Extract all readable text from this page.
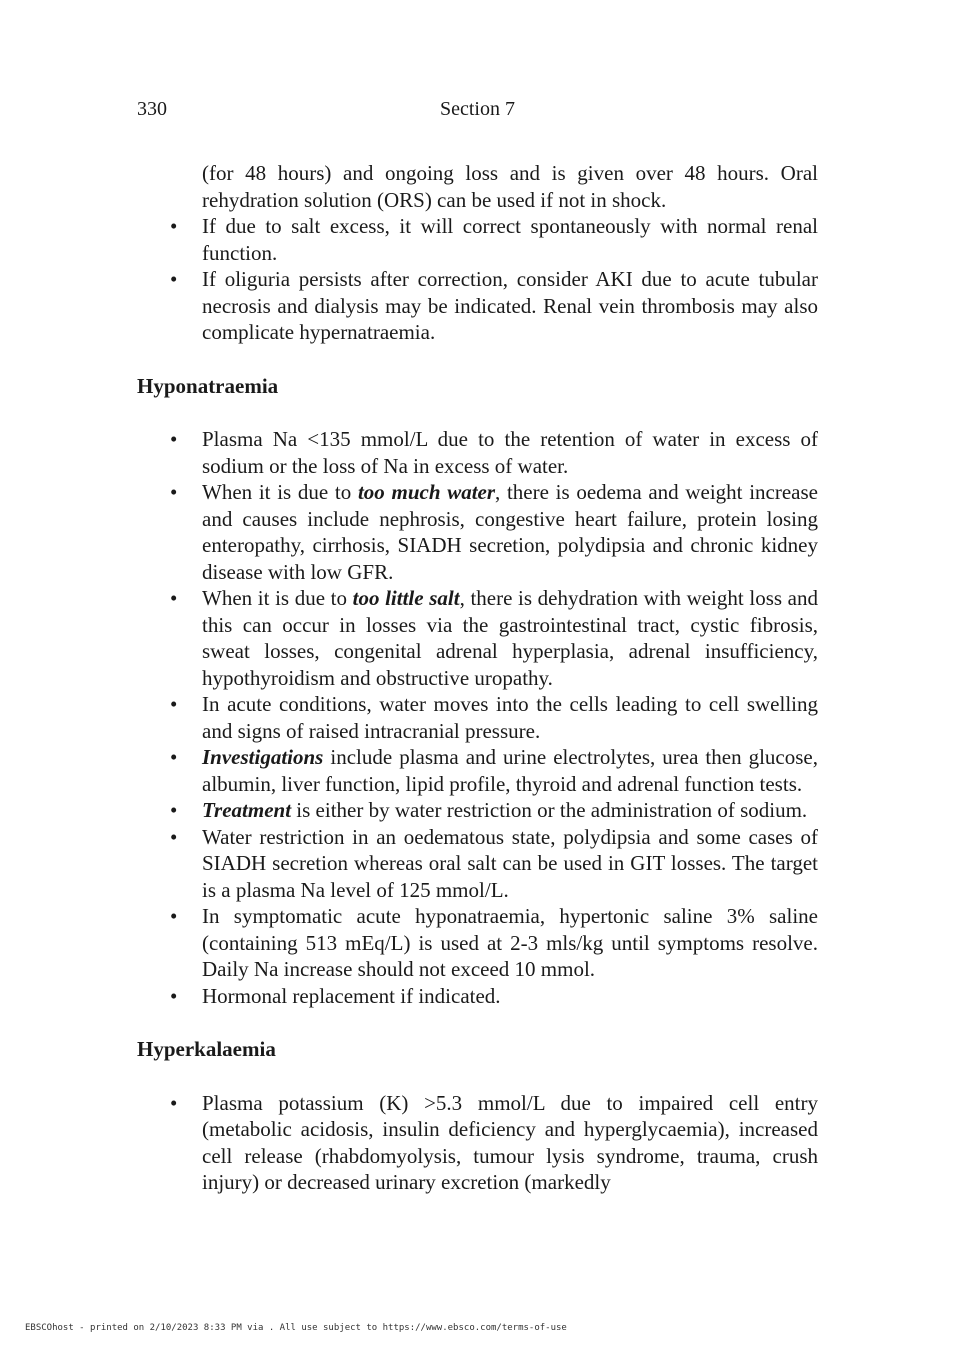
330	Section 7

(for 48 hours) and ongoing loss and is given over 48 hours. Oral rehydration solution (ORS) can be used if not in shock.

• If due to salt excess, it will correct spontaneously with normal renal function.
• If oliguria persists after correction, consider AKI due to acute tubular necrosis and dialysis may be indicated. Renal vein thrombosis may also complicate hypernatraemia.
Hyponatraemia
• Plasma Na <135 mmol/L due to the retention of water in excess of sodium or the loss of Na in excess of water.
• When it is due to too much water, there is oedema and weight increase and causes include nephrosis, congestive heart failure, protein losing enteropathy, cirrhosis, SIADH secretion, polydipsia and chronic kidney disease with low GFR.
• When it is due to too little salt, there is dehydration with weight loss and this can occur in losses via the gastrointestinal tract, cystic fibrosis, sweat losses, congenital adrenal hyperplasia, adrenal insufficiency, hypothyroidism and obstructive uropathy.
• In acute conditions, water moves into the cells leading to cell swelling and signs of raised intracranial pressure.
• Investigations include plasma and urine electrolytes, urea then glucose, albumin, liver function, lipid profile, thyroid and adrenal function tests.
• Treatment is either by water restriction or the administration of sodium.
• Water restriction in an oedematous state, polydipsia and some cases of SIADH secretion whereas oral salt can be used in GIT losses. The target is a plasma Na level of 125 mmol/L.
• In symptomatic acute hyponatraemia, hypertonic saline 3% saline (containing 513 mEq/L) is used at 2-3 mls/kg until symptoms resolve. Daily Na increase should not exceed 10 mmol.
• Hormonal replacement if indicated.
Hyperkalaemia
• Plasma potassium (K) >5.3 mmol/L due to impaired cell entry (metabolic acidosis, insulin deficiency and hyperglycaemia), increased cell release (rhabdomyolysis, tumour lysis syndrome, trauma, crush injury) or decreased urinary excretion (markedly
EBSCOhost - printed on 2/10/2023 8:33 PM via . All use subject to https://www.ebsco.com/terms-of-use
